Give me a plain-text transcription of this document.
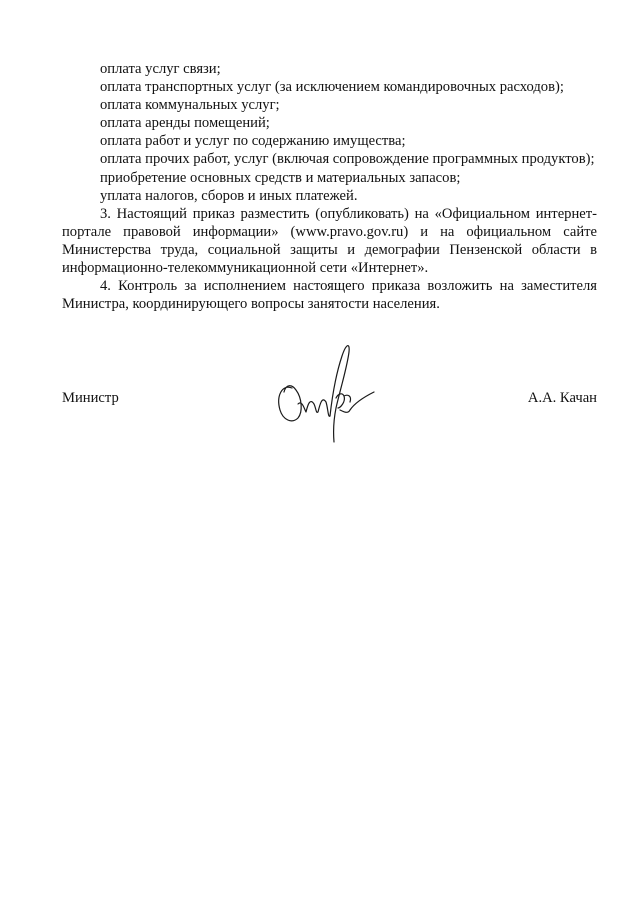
оплата услуг связи;

оплата транспортных услуг (за исключением командировочных расходов);

оплата коммунальных услуг;

оплата аренды помещений;

оплата работ и услуг по содержанию имущества;

оплата прочих работ, услуг (включая сопровождение программных продуктов);

приобретение основных средств и материальных запасов;

уплата налогов, сборов и иных платежей.

3. Настоящий приказ разместить (опубликовать) на «Официальном интернет-портале правовой информации» (www.pravo.gov.ru) и на официальном сайте Министерства труда, социальной защиты и демографии Пензенской области в информационно-телекоммуникационной сети «Интернет».

4. Контроль за исполнением настоящего приказа возложить на заместителя Министра, координирующего вопросы занятости населения.

Министр	А.А. Качан
